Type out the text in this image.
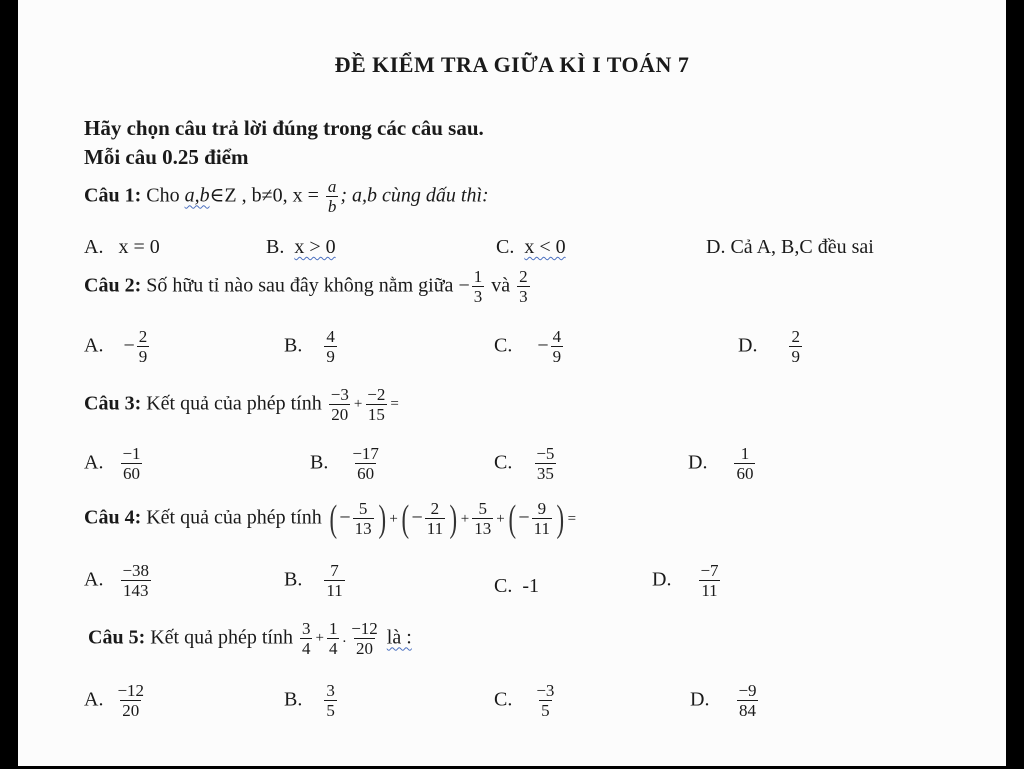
ĐỀ KIỂM TRA GIỮA KÌ I TOÁN 7
Hãy chọn câu trả lời đúng trong các câu sau.
Mỗi câu 0.25 điểm
Câu 1: Cho a,b∈Z , b≠0, $x = \frac{a}{b}$ ; a,b cùng dấu thì:
A. x = 0	B. x > 0	C. x < 0	D. Cả A, B,C đều sai
Câu 2: Số hữu tỉ nào sau đây không nằm giữa − $\frac{1}{3}$ và $\frac{2}{3}$
A. − $\frac{2}{9}$	B. $\frac{4}{9}$	C. − $\frac{4}{9}$	D. $\frac{2}{9}$
Câu 3: Kết quả của phép tính $\frac{-3}{20} + \frac{-2}{15}$ =
A. $\frac{-1}{60}$	B. $\frac{-17}{60}$	C. $\frac{-5}{35}$	D. $\frac{1}{60}$
Câu 4: Kết quả của phép tính ( − $\frac{5}{13}$ ) +( − $\frac{2}{11}$ ) + $\frac{5}{13}$ +( − $\frac{9}{11}$ ) =
A. $\frac{-38}{143}$	B. $\frac{7}{11}$	C. -1	D. $\frac{-7}{11}$
Câu 5: Kết quả phép tính $\frac{3}{4} + \frac{1}{4}$ . $\frac{-12}{20}$ là :
A. $\frac{-12}{20}$	B. $\frac{3}{5}$	C. $\frac{-3}{5}$	D. $\frac{-9}{84}$
